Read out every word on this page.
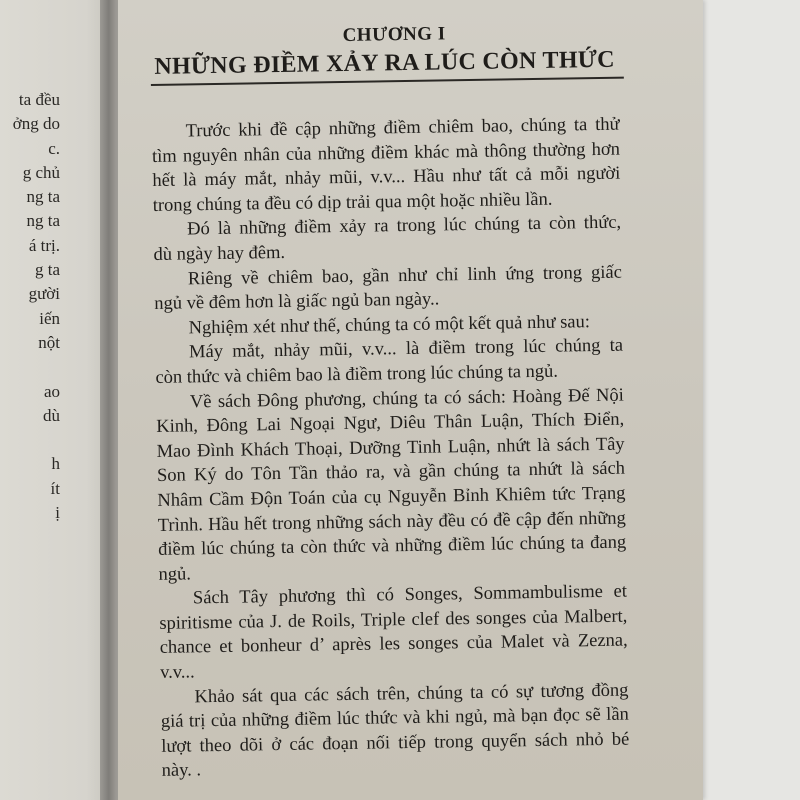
ta đều
ởng do
c.
g chủ
ng ta
ng ta
á trị.
g ta
gười
iến
nột
ao
dù
h
ít
ị
CHƯƠNG I
NHỮNG ĐIỀM XẢY RA LÚC CÒN THỨC
Trước khi đề cập những điềm chiêm bao, chúng ta thử
tìm nguyên nhân của những điềm khác mà thông thường hơn
hết là máy mắt, nhảy mũi, v.v... Hầu như tất cả mỗi người
trong chúng ta đều có dịp trải qua một hoặc nhiều lần.
Đó là những điềm xảy ra trong lúc chúng ta còn thức,
dù ngày hay đêm.
Riêng về chiêm bao, gần như chỉ linh ứng trong giấc
ngủ về đêm hơn là giấc ngủ ban ngày..
Nghiệm xét như thế, chúng ta có một kết quả như sau:
Máy mắt, nhảy mũi, v.v... là điềm trong lúc chúng ta
còn thức và chiêm bao là điềm trong lúc chúng ta ngủ.
Về sách Đông phương, chúng ta có sách: Hoàng Đế Nội
Kinh, Đông Lai Ngoại Ngư, Diêu Thân Luận, Thích Điển,
Mao Đình Khách Thoại, Dưỡng Tinh Luận, nhứt là sách Tây
Son Ký do Tôn Tần thảo ra, và gần chúng ta nhứt là sách
Nhâm Cầm Độn Toán của cụ Nguyễn Bỉnh Khiêm tức Trạng
Trình. Hầu hết trong những sách này đều có đề cập đến những
điềm lúc chúng ta còn thức và những điềm lúc chúng ta đang
ngủ.
Sách Tây phương thì có Songes, Sommambulisme et
spiritisme của J. de Roils, Triple clef des songes của Malbert,
chance et bonheur d’ après les songes của Malet và Zezna,
v.v...
Khảo sát qua các sách trên, chúng ta có sự tương đồng
giá trị của những điềm lúc thức và khi ngủ, mà bạn đọc sẽ lần
lượt theo dõi ở các đoạn nối tiếp trong quyển sách nhỏ bé
này. .
